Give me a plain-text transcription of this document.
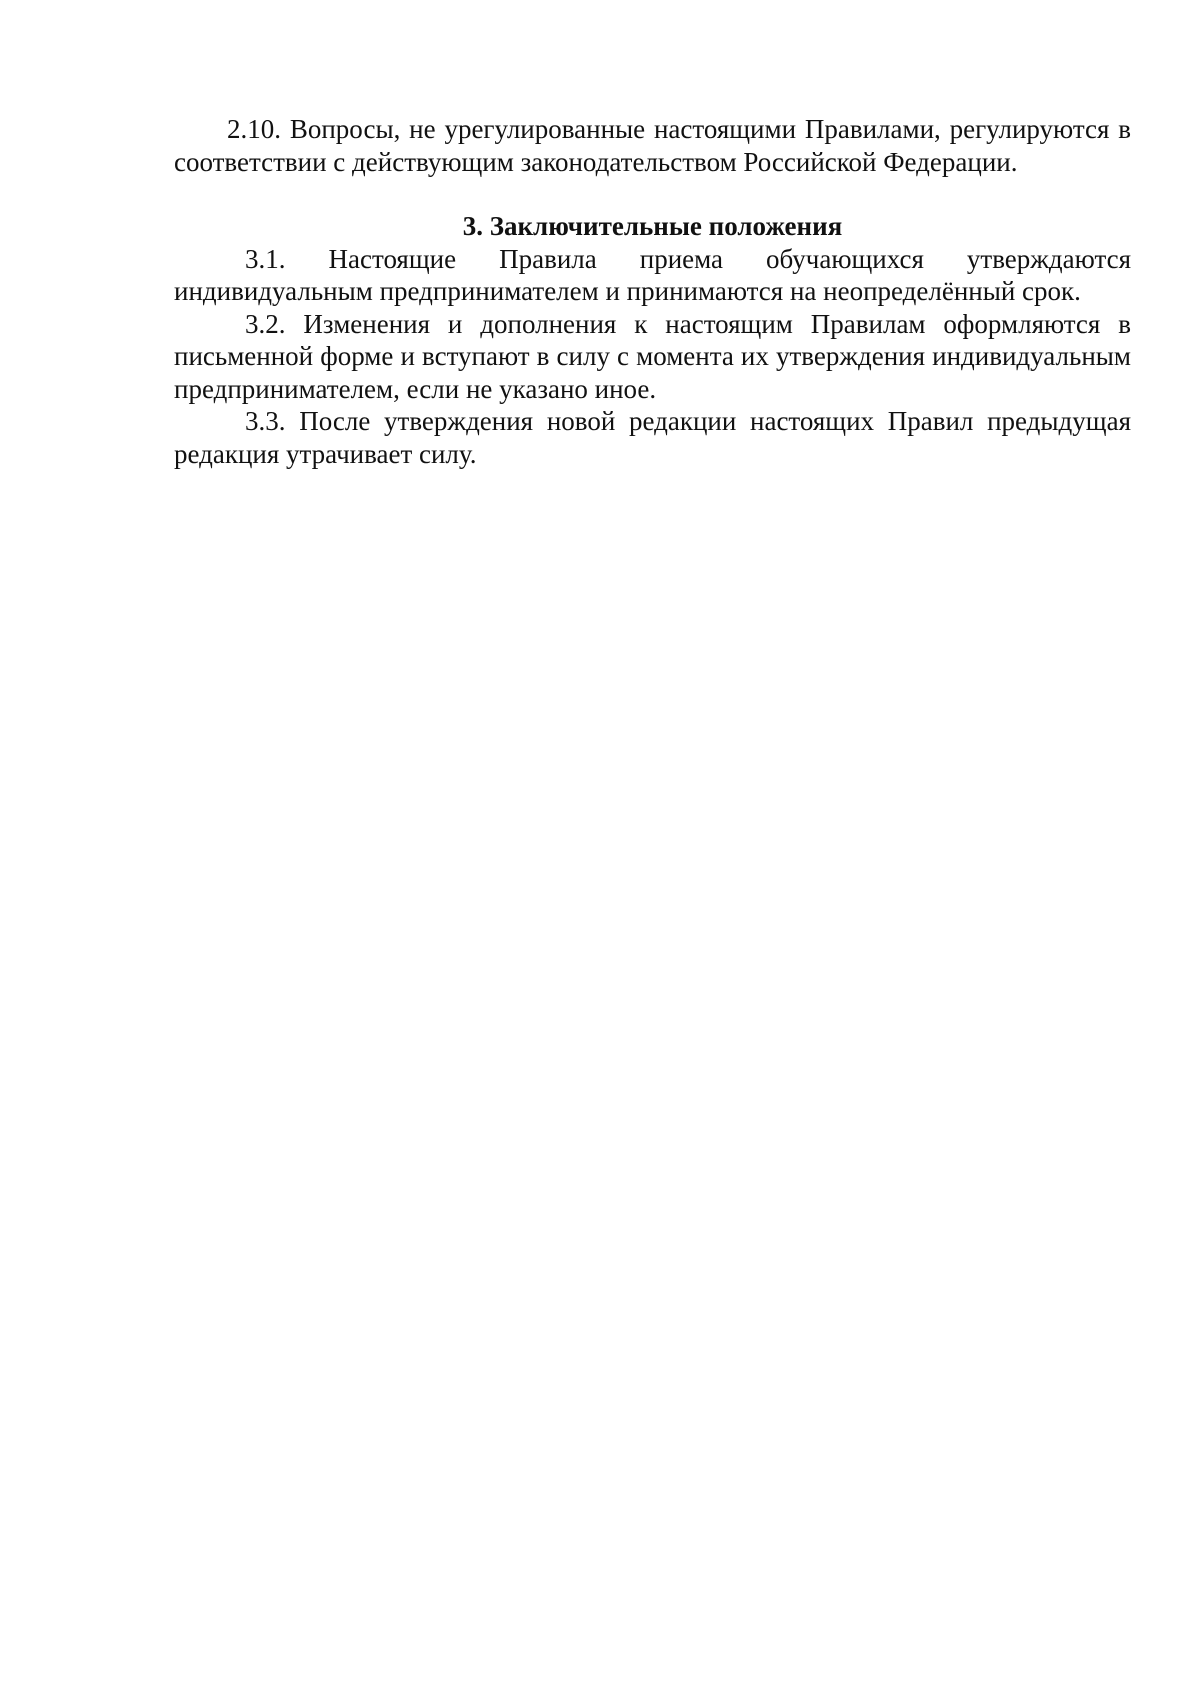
2.10. Вопросы, не урегулированные настоящими Правилами, регулируются в соответствии с действующим законодательством Российской Федерации.

3. Заключительные положения

3.1. Настоящие Правила приема обучающихся утверждаются индивидуальным предпринимателем и принимаются на неопределённый срок.

3.2. Изменения и дополнения к настоящим Правилам оформляются в письменной форме и вступают в силу с момента их утверждения индивидуальным предпринимателем, если не указано иное.

3.3. После утверждения новой редакции настоящих Правил предыдущая редакция утрачивает силу.
